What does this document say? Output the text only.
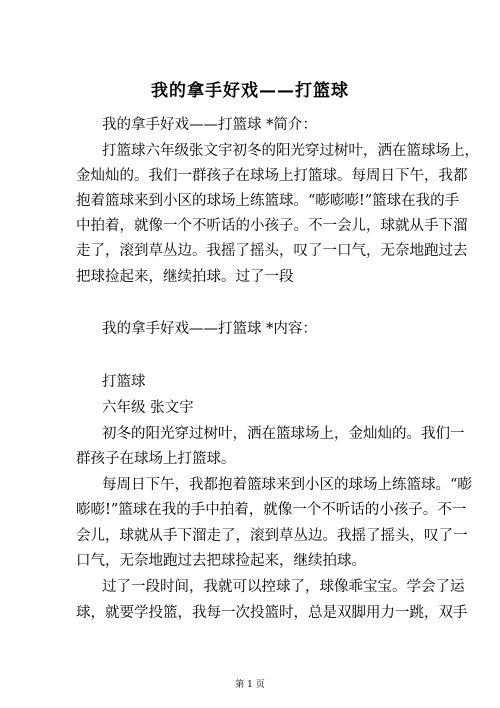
我的拿手好戏——打篮球
我的拿手好戏——打篮球 *简介：
打篮球六年级张文宇初冬的阳光穿过树叶，洒在篮球场上，
金灿灿的。我们一群孩子在球场上打篮球。每周日下午，我都
抱着篮球来到小区的球场上练篮球。“嘭嘭嘭!”篮球在我的手
中拍着，就像一个不听话的小孩子。不一会儿，球就从手下溜
走了，滚到草丛边。我摇了摇头，叹了一口气，无奈地跑过去
把球捡起来，继续拍球。过了一段
我的拿手好戏——打篮球 *内容：
打篮球
六年级 张文宇
初冬的阳光穿过树叶，洒在篮球场上，金灿灿的。我们一
群孩子在球场上打篮球。
每周日下午，我都抱着篮球来到小区的球场上练篮球。“嘭
嘭嘭!”篮球在我的手中拍着，就像一个不听话的小孩子。不一
会儿，球就从手下溜走了，滚到草丛边。我摇了摇头，叹了一
口气，无奈地跑过去把球捡起来，继续拍球。
过了一段时间，我就可以控球了，球像乖宝宝。学会了运
球，就要学投篮，我每一次投篮时，总是双脚用力一跳，双手
第 1 页
